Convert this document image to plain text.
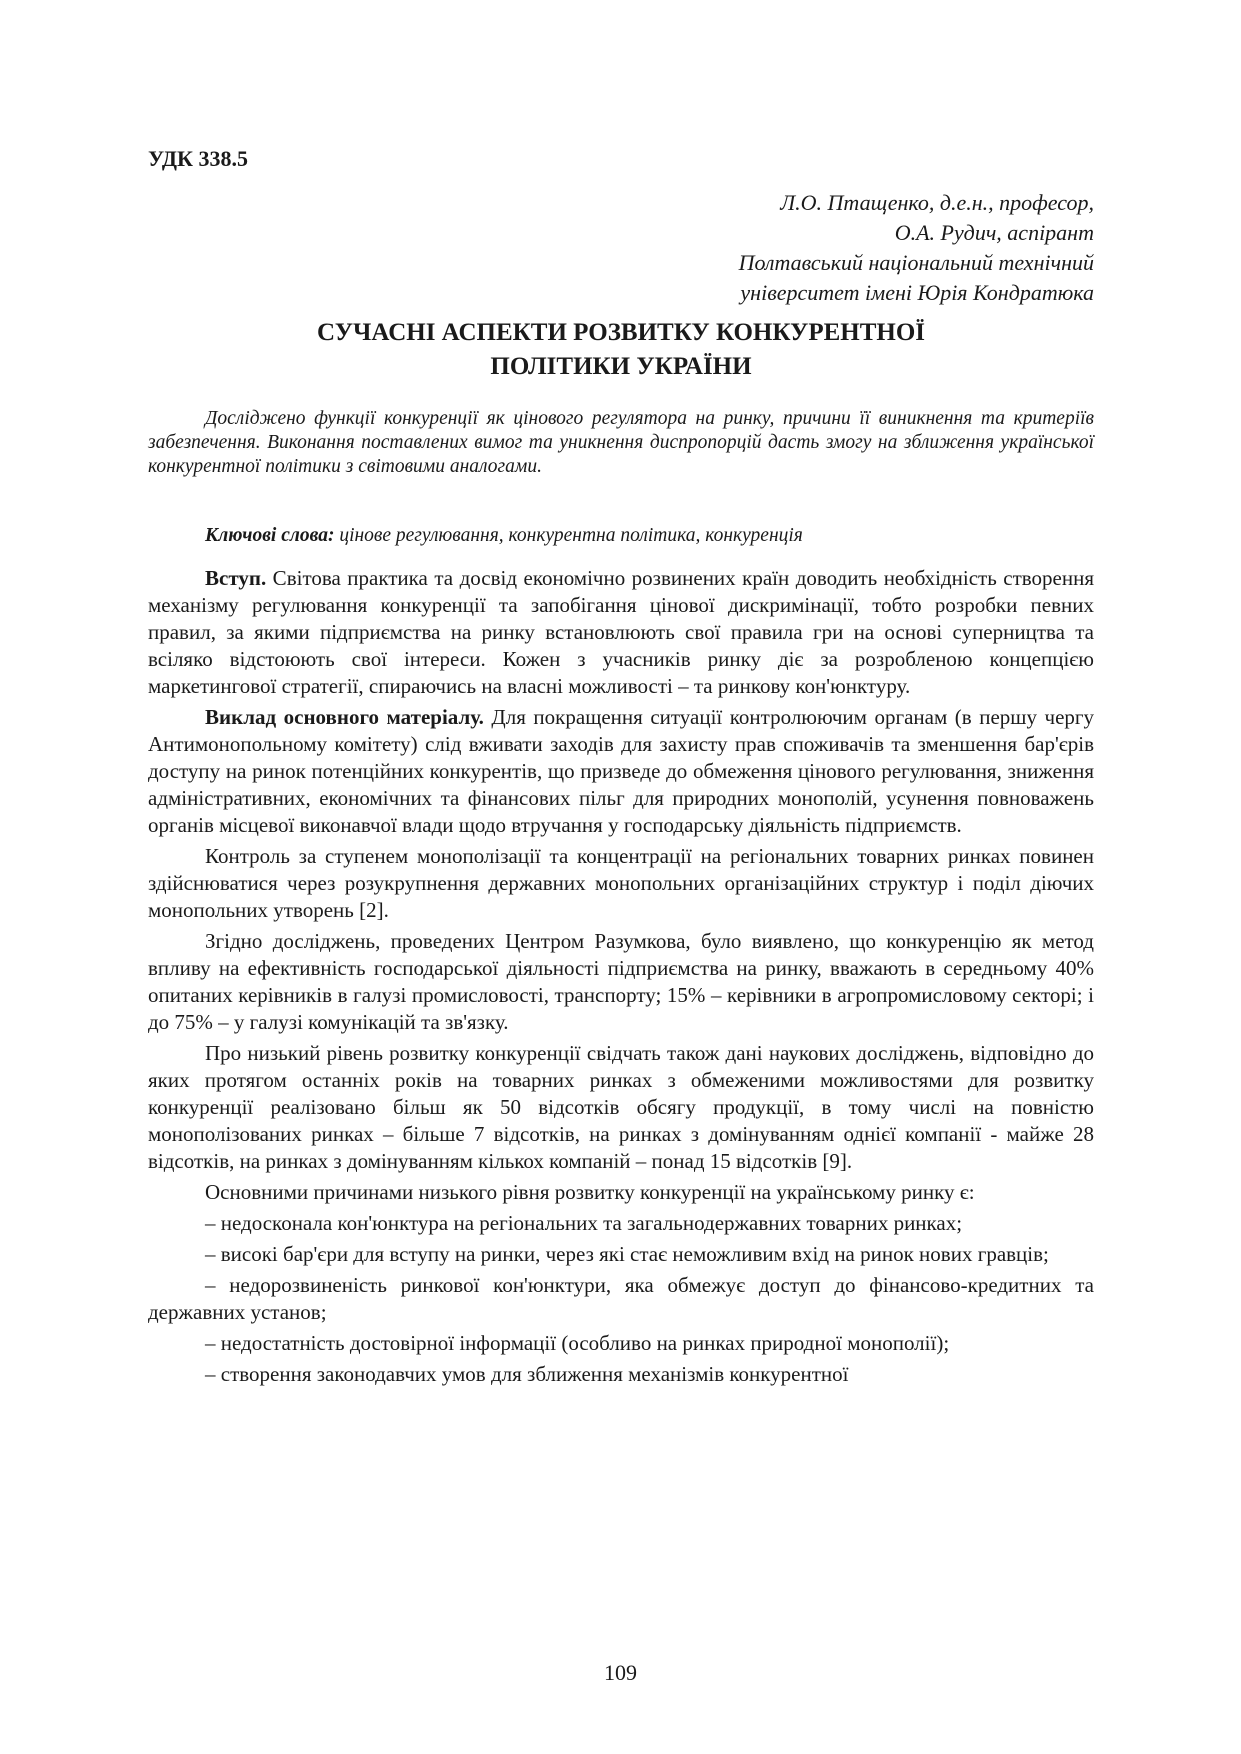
УДК 338.5
Л.О. Птащенко, д.е.н., професор,
О.А. Рудич, аспірант
Полтавський національний технічний
університет імені Юрія Кондратюка
СУЧАСНІ АСПЕКТИ РОЗВИТКУ КОНКУРЕНТНОЇ
ПОЛІТИКИ УКРАЇНИ

Досліджено функції конкуренції як цінового регулятора на ринку, причини її виникнення та критеріїв забезпечення. Виконання поставлених вимог та уникнення диспропорцій дасть змогу на зближення української конкурентної політики з світовими аналогами.

Ключові слова: цінове регулювання, конкурентна політика, конкуренція

Вступ. Світова практика та досвід економічно розвинених країн доводить необхідність створення механізму регулювання конкуренції та запобігання цінової дискримінації, тобто розробки певних правил, за якими підприємства на ринку встановлюють свої правила гри на основі суперництва та всіляко відстоюють свої інтереси. Кожен з учасників ринку діє за розробленою концепцією маркетингової стратегії, спираючись на власні можливості – та ринкову кон'юнктуру.

Виклад основного матеріалу. Для покращення ситуації контролюючим органам (в першу чергу Антимонопольному комітету) слід вживати заходів для захисту прав споживачів та зменшення бар'єрів доступу на ринок потенційних конкурентів, що призведе до обмеження цінового регулювання, зниження адміністративних, економічних та фінансових пільг для природних монополій, усунення повноважень органів місцевої виконавчої влади щодо втручання у господарську діяльність підприємств.

Контроль за ступенем монополізації та концентрації на регіональних товарних ринках повинен здійснюватися через розукрупнення державних монопольних організаційних структур і поділ діючих монопольних утворень [2].

Згідно досліджень, проведених Центром Разумкова, було виявлено, що конкуренцію як метод впливу на ефективність господарської діяльності підприємства на ринку, вважають в середньому 40% опитаних керівників в галузі промисловості, транспорту; 15% – керівники в агропромисловому секторі; і до 75% – у галузі комунікацій та зв'язку.

Про низький рівень розвитку конкуренції свідчать також дані наукових досліджень, відповідно до яких протягом останніх років на товарних ринках з обмеженими можливостями для розвитку конкуренції реалізовано більш як 50 відсотків обсягу продукції, в тому числі на повністю монополізованих ринках – більше 7 відсотків, на ринках з домінуванням однієї компанії - майже 28 відсотків, на ринках з домінуванням кількох компаній – понад 15 відсотків [9].

Основними причинами низького рівня розвитку конкуренції на українському ринку є:

– недосконала кон'юнктура на регіональних та загальнодержавних товарних ринках;

– високі бар'єри для вступу на ринки, через які стає неможливим вхід на ринок нових гравців;

– недорозвиненість ринкової кон'юнктури, яка обмежує доступ до фінансово-кредитних та державних установ;

– недостатність достовірної інформації (особливо на ринках природної монополії);

– створення законодавчих умов для зближення механізмів конкурентної

109
